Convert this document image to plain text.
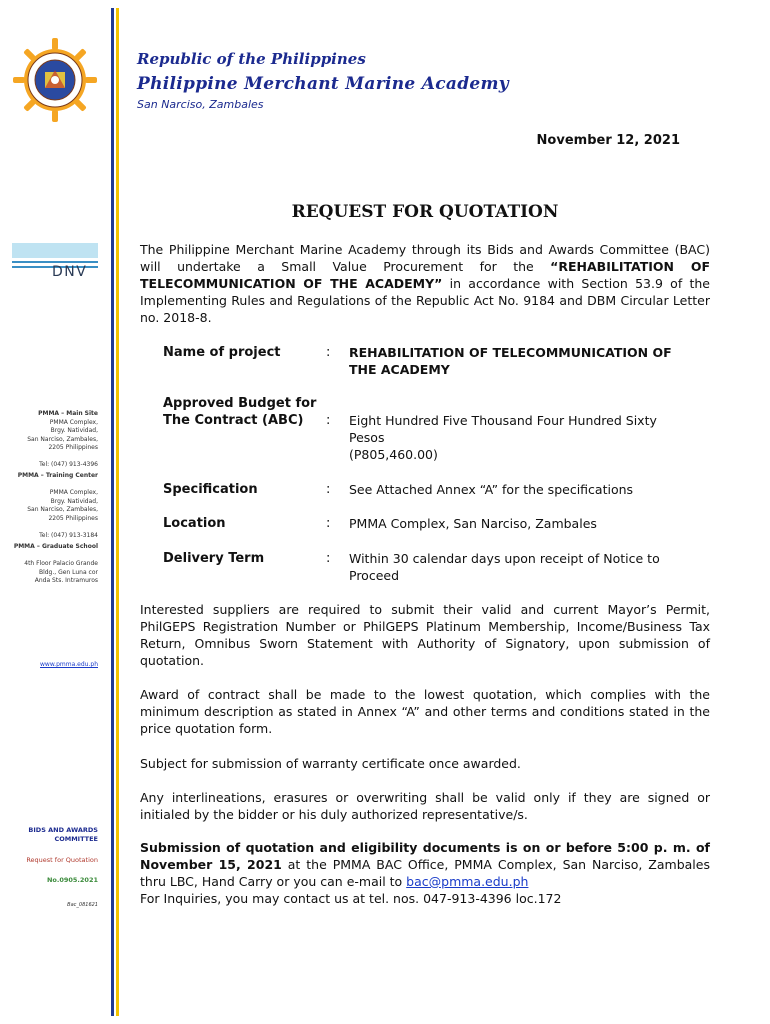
Republic of the Philippines
Philippine Merchant Marine Academy
San Narciso, Zambales
November 12, 2021
DNV
PMMA – Main Site
PMMA Complex,
Brgy. Natividad,
San Narciso, Zambales,
2205 Philippines

Tel: (047) 913-4396
PMMA – Training Center

PMMA Complex,
Brgy. Natividad,
San Narciso, Zambales,
2205 Philippines

Tel: (047) 913-3184
PMMA – Graduate School

4th Floor Palacio Grande
Bldg., Gen Luna cor
Anda Sts. Intramuros
www.pmma.edu.ph
BIDS AND AWARDS
COMMITTEE
Request for Quotation
No.0905.2021
Bac_081621
REQUEST FOR QUOTATION
The Philippine Merchant Marine Academy through its Bids and Awards Committee (BAC) will undertake a Small Value Procurement for the “REHABILITATION OF TELECOMMUNICATION OF THE ACADEMY” in accordance with Section 53.9 of the Implementing Rules and Regulations of the Republic Act No. 9184 and DBM Circular Letter no. 2018-8.
Name of project	: REHABILITATION OF TELECOMMUNICATION OF THE ACADEMY
Approved Budget for
The Contract (ABC)	: Eight Hundred Five Thousand Four Hundred Sixty
Pesos
(P805,460.00)
Specification	: See Attached Annex “A” for the specifications
Location	: PMMA Complex, San Narciso, Zambales
Delivery Term	: Within 30 calendar days upon receipt of Notice to
Proceed
Interested suppliers are required to submit their valid and current Mayor’s Permit, PhilGEPS Registration Number or PhilGEPS Platinum Membership, Income/Business Tax Return, Omnibus Sworn Statement with Authority of Signatory, upon submission of quotation.
Award of contract shall be made to the lowest quotation, which complies with the minimum description as stated in Annex “A” and other terms and conditions stated in the price quotation form.
Subject for submission of warranty certificate once awarded.
Any interlineations, erasures or overwriting shall be valid only if they are signed or initialed by the bidder or his duly authorized representative/s.
Submission of quotation and eligibility documents is on or before 5:00 p. m. of November 15, 2021 at the PMMA BAC Office, PMMA Complex, San Narciso, Zambales thru LBC, Hand Carry or you can e-mail to bac@pmma.edu.ph
For Inquiries, you may contact us at tel. nos. 047-913-4396 loc.172
